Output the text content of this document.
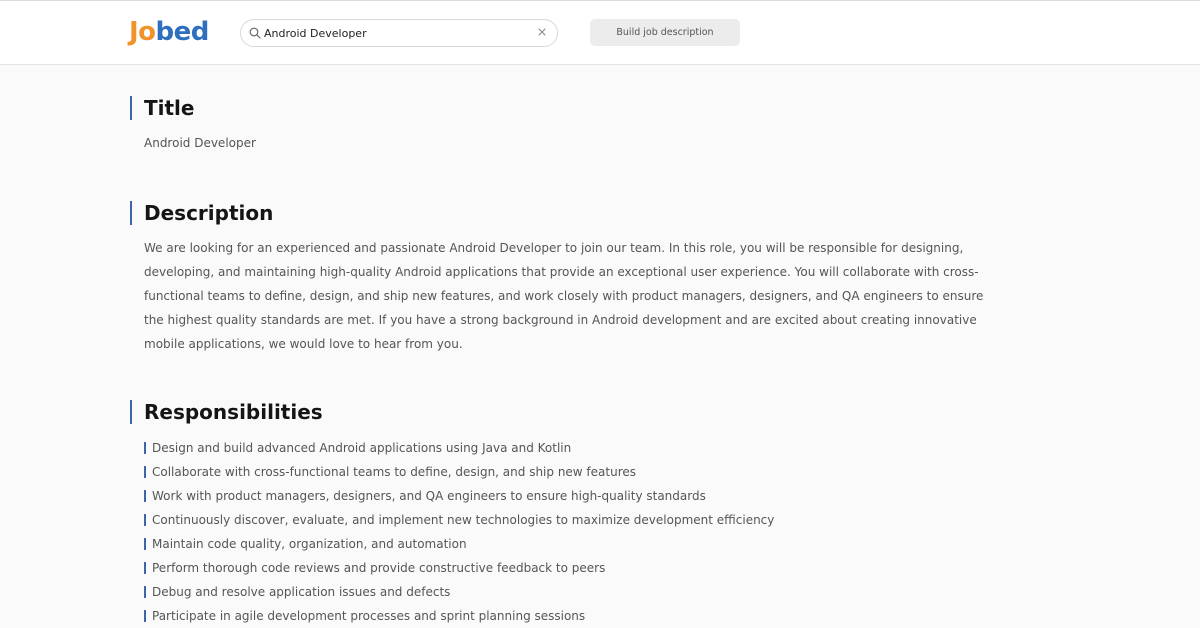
Jobed
Android Developer	Build job description
Title
Android Developer
Description

We are looking for an experienced and passionate Android Developer to join our team. In this role, you will be responsible for designing, developing, and maintaining high-quality Android applications that provide an exceptional user experience. You will collaborate with cross-functional teams to define, design, and ship new features, and work closely with product managers, designers, and QA engineers to ensure the highest quality standards are met. If you have a strong background in Android development and are excited about creating innovative mobile applications, we would love to hear from you.

Responsibilities
Design and build advanced Android applications using Java and Kotlin
Collaborate with cross-functional teams to define, design, and ship new features
Work with product managers, designers, and QA engineers to ensure high-quality standards
Continuously discover, evaluate, and implement new technologies to maximize development efficiency
Maintain code quality, organization, and automation
Perform thorough code reviews and provide constructive feedback to peers
Debug and resolve application issues and defects
Participate in agile development processes and sprint planning sessions
